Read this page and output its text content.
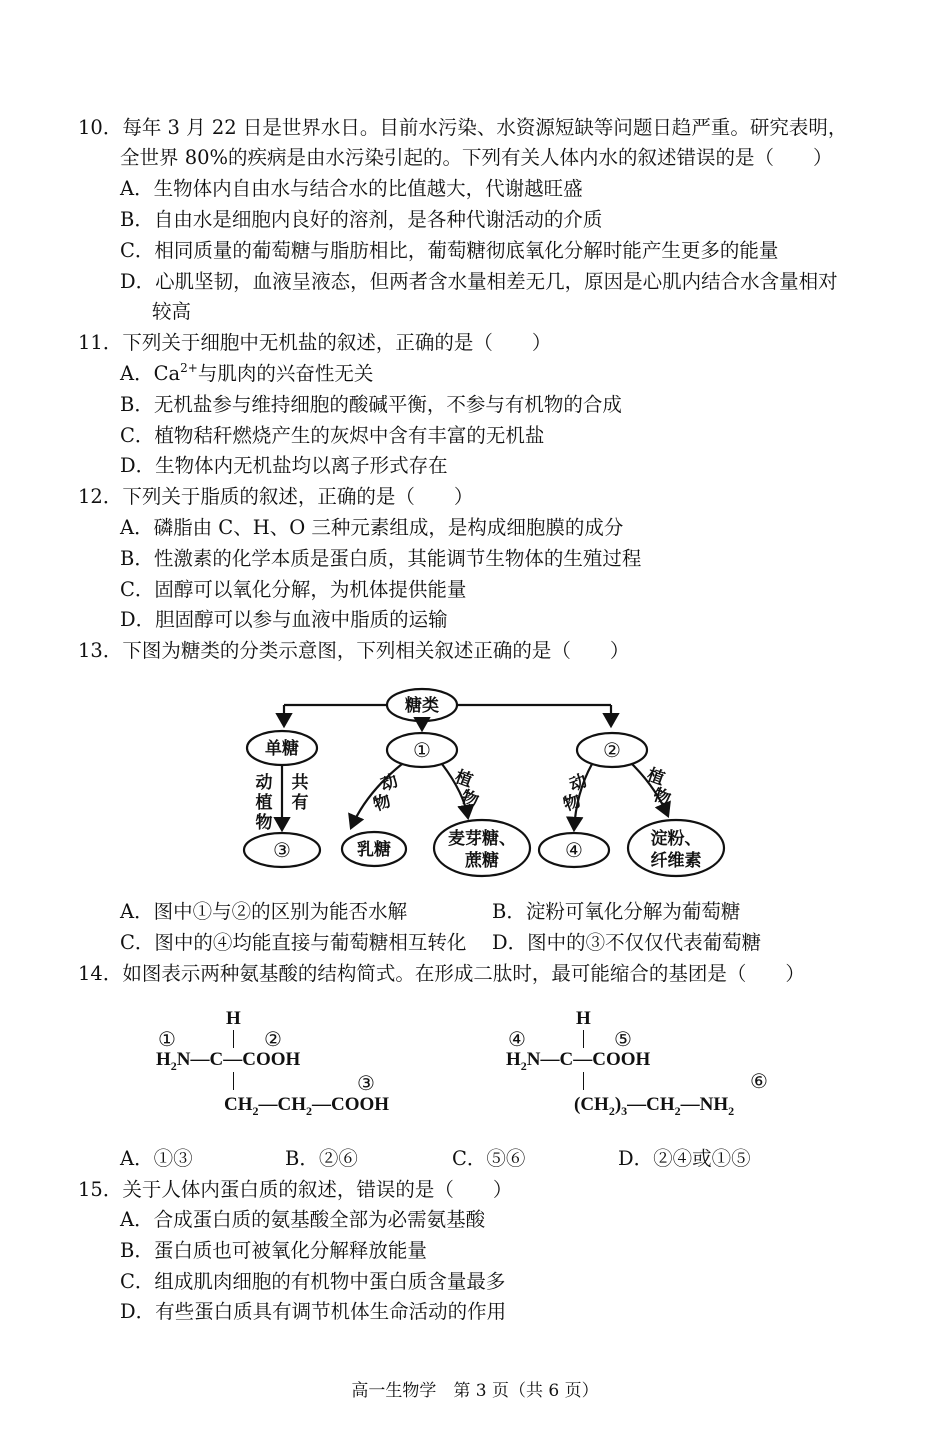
10．每年 3 月 22 日是世界水日。目前水污染、水资源短缺等问题日趋严重。研究表明，
全世界 80%的疾病是由水污染引起的。下列有关人体内水的叙述错误的是（　　）
A．生物体内自由水与结合水的比值越大，代谢越旺盛
B．自由水是细胞内良好的溶剂，是各种代谢活动的介质
C．相同质量的葡萄糖与脂肪相比，葡萄糖彻底氧化分解时能产生更多的能量
D．心肌坚韧，血液呈液态，但两者含水量相差无几，原因是心肌内结合水含量相对
较高
11．下列关于细胞中无机盐的叙述，正确的是（　　）
A．$Ca^{2+}$与肌肉的兴奋性无关
B．无机盐参与维持细胞的酸碱平衡，不参与有机物的合成
C．植物秸秆燃烧产生的灰烬中含有丰富的无机盐
D．生物体内无机盐均以离子形式存在
12．下列关于脂质的叙述，正确的是（　　）
A．磷脂由 C、H、O 三种元素组成，是构成细胞膜的成分
B．性激素的化学本质是蛋白质，其能调节生物体的生殖过程
C．固醇可以氧化分解，为机体提供能量
D．胆固醇可以参与血液中脂质的运输
13．下图为糖类的分类示意图，下列相关叙述正确的是（　　）
糖类
单糖	①	②
③	乳糖
麦芽糖、
蔗糖	④	淀粉、
纤维素
动
植
物
共
有
动
物
植
物
动
物
植
物
A．图中①与②的区别为能否水解	B．淀粉可氧化分解为葡萄糖
C．图中的④均能直接与葡萄糖相互转化 D．图中的③不仅仅代表葡萄糖
14．如图表示两种氨基酸的结构简式。在形成二肽时，最可能缩合的基团是（　　）
H
①	②
$H_2N—C—COOH$
③
$CH_2—CH_2—COOH$
H
④	⑤
$H_2N—C—COOH$
⑥
$(CH_2)_3—CH_2—NH_2$
A．①③	B．②⑥	C．⑤⑥	D．②④或①⑤
15．关于人体内蛋白质的叙述，错误的是（　　）
A．合成蛋白质的氨基酸全部为必需氨基酸
B．蛋白质也可被氧化分解释放能量
C．组成肌肉细胞的有机物中蛋白质含量最多
D．有些蛋白质具有调节机体生命活动的作用
高一生物学　第 3 页（共 6 页）
